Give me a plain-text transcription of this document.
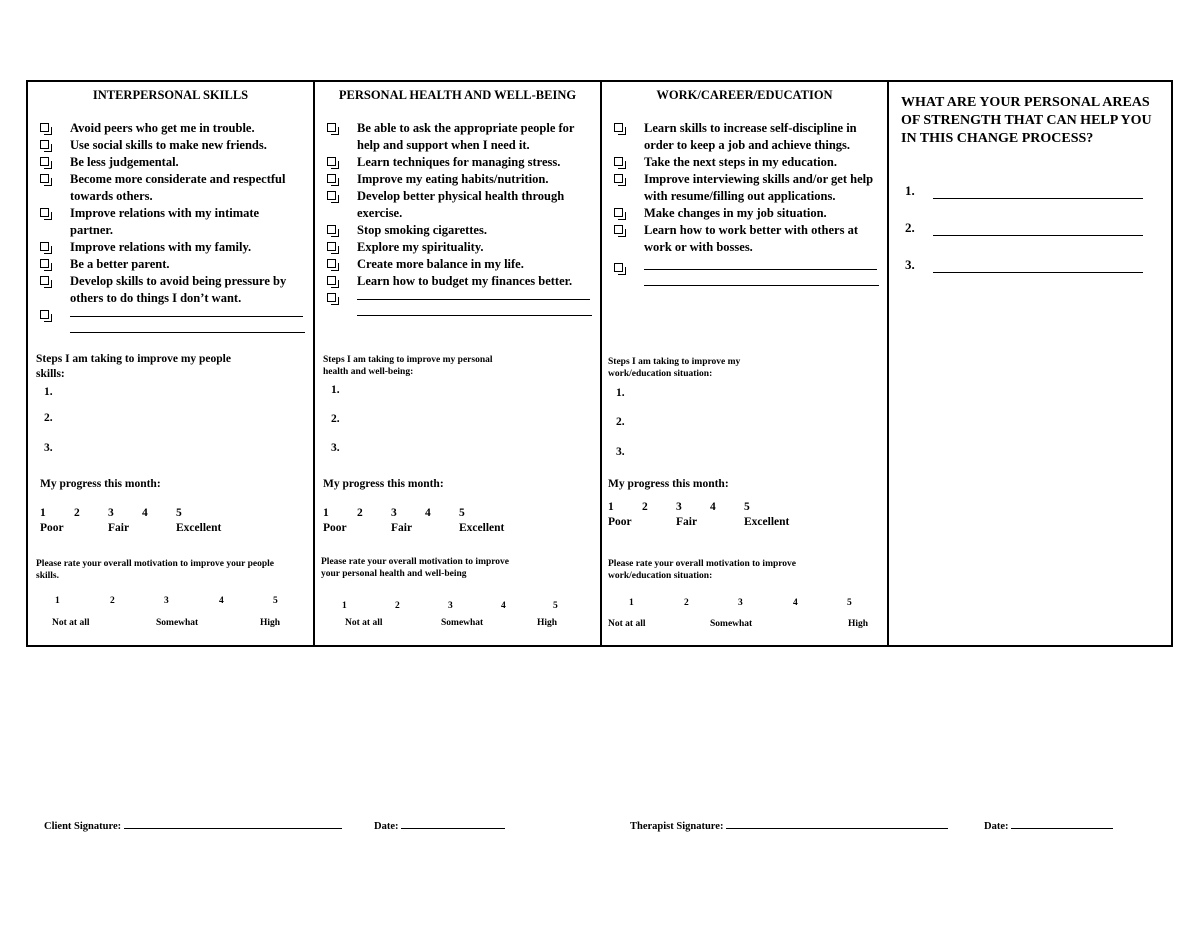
INTERPERSONAL SKILLS
Avoid peers who get me in trouble.
Use social skills to make new friends.
Be less judgemental.
Become more considerate and respectful towards others.
Improve relations with my intimate partner.
Improve relations with my family.
Be a better parent.
Develop skills to avoid being pressure by others to do things I don’t want.
Steps I am taking to improve my people skills:
1.
2.
3.
My progress this month:
1 2 3 4 5
Poor	Fair	Excellent
Please rate your overall motivation to improve your people skills.
1	2	3	4	5
Not at all	Somewhat	High
PERSONAL HEALTH AND WELL-BEING
Be able to ask the appropriate people for help and support when I need it.
Learn techniques for managing stress.
Improve my eating habits/nutrition.
Develop better physical health through exercise.
Stop smoking cigarettes.
Explore my spirituality.
Create more balance in my life.
Learn how to budget my finances better.
Steps I am taking to improve my personal health and well-being:
1.
2.
3.
My progress this month:
1 2 3 4 5
Poor	Fair	Excellent
Please rate your overall motivation to improve your personal health and well-being
1	2	3	4	5
Not at all	Somewhat	High
WORK/CAREER/EDUCATION
Learn skills to increase self-discipline in order to keep a job and achieve things.
Take the next steps in my education.
Improve interviewing skills and/or get help with resume/filling out applications.
Make changes in my job situation.
Learn how to work better with others at work or with bosses.
Steps I am taking to improve my work/education situation:
1.
2.
3.
My progress this month:
1 2 3 4 5
Poor	Fair	Excellent
Please rate your overall motivation to improve work/education situation:
1	2	3	4	5
Not at all	Somewhat	High
WHAT ARE YOUR PERSONAL AREAS OF STRENGTH THAT CAN HELP YOU IN THIS CHANGE PROCESS?
1.
2.
3.
Client Signature:	Date:	Therapist Signature:	Date:
